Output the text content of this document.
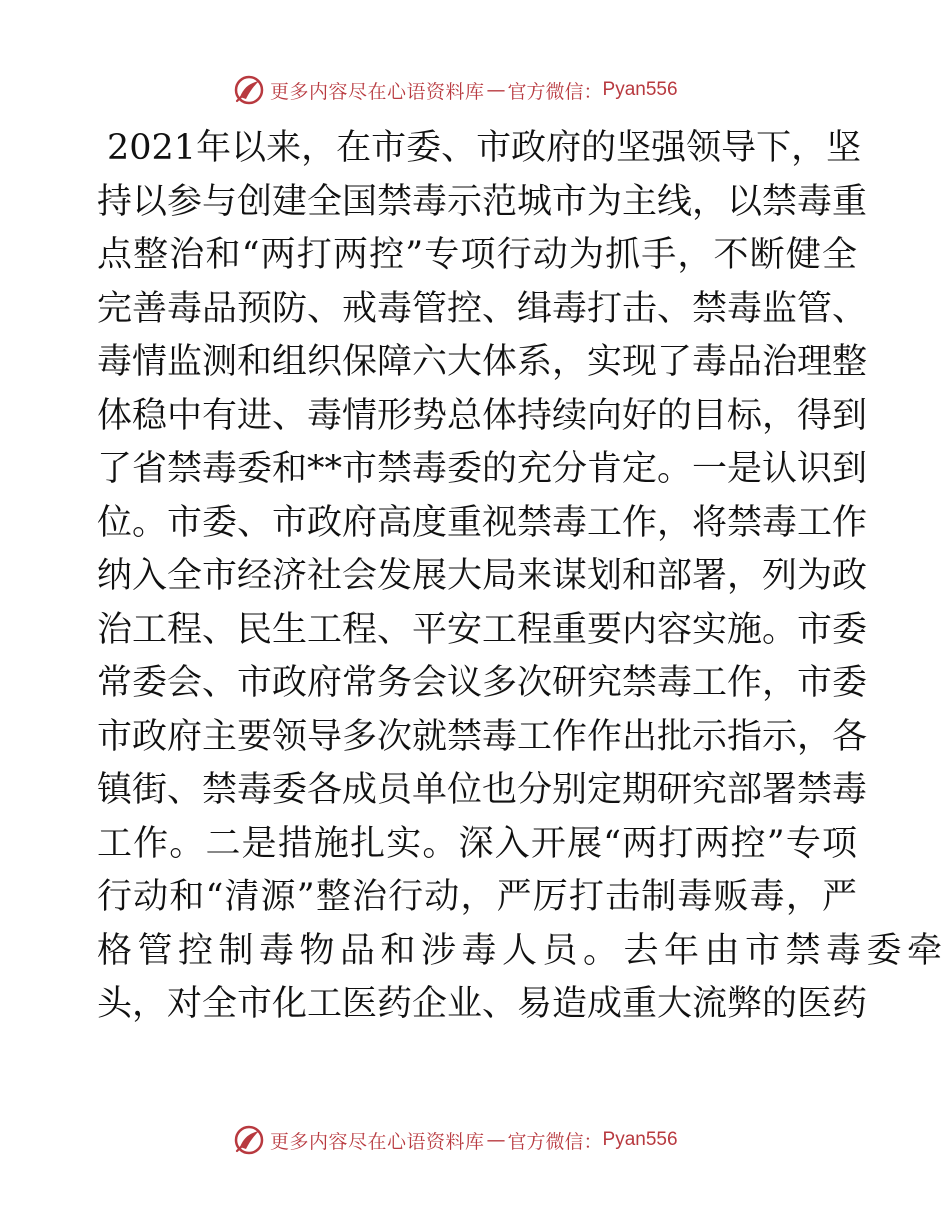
更多内容尽在心语资料库 — 官方微信： Pyan556
2021年以来，在市委、市政府的坚强领导下，坚
持以参与创建全国禁毒示范城市为主线，以禁毒重
点整治和“两打两控”专项行动为抓手，不断健全
完善毒品预防、戒毒管控、缉毒打击、禁毒监管、
毒情监测和组织保障六大体系，实现了毒品治理整
体稳中有进、毒情形势总体持续向好的目标，得到
了省禁毒委和**市禁毒委的充分肯定。一是认识到
位。市委、市政府高度重视禁毒工作，将禁毒工作
纳入全市经济社会发展大局来谋划和部署，列为政
治工程、民生工程、平安工程重要内容实施。市委
常委会、市政府常务会议多次研究禁毒工作，市委
市政府主要领导多次就禁毒工作作出批示指示，各
镇街、禁毒委各成员单位也分别定期研究部署禁毒
工作。二是措施扎实。深入开展“两打两控”专项
行动和“清源”整治行动，严厉打击制毒贩毒，严
格管控制毒物品和涉毒人员。去年由市禁毒委牵
头，对全市化工医药企业、易造成重大流弊的医药
更多内容尽在心语资料库 — 官方微信： Pyan556
